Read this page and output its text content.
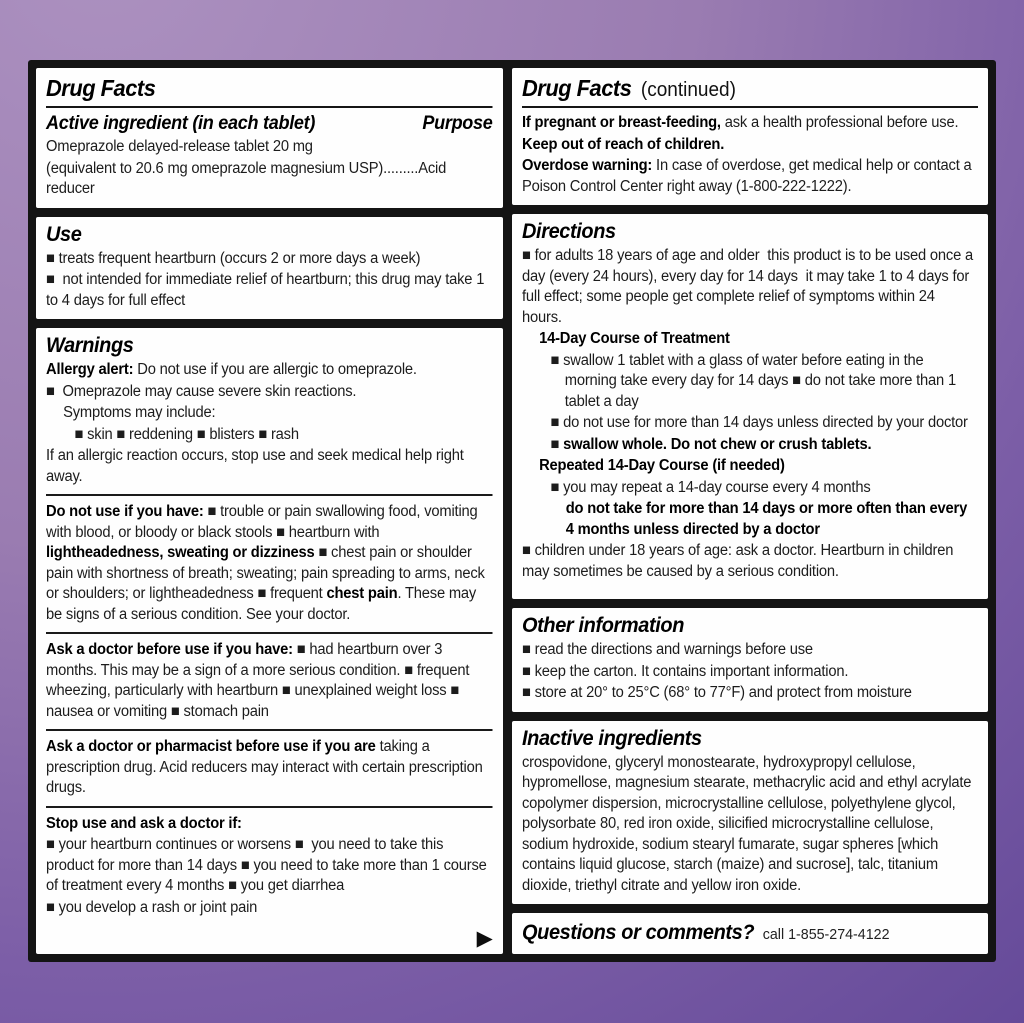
Drug Facts
Active ingredient (in each tablet)	Purpose
Omeprazole delayed-release tablet 20 mg
(equivalent to 20.6 mg omeprazole magnesium USP).........Acid reducer
Use
■ treats frequent heartburn (occurs 2 or more days a week)
■  not intended for immediate relief of heartburn; this drug may take 1 to 4 days for full effect
Warnings
Allergy alert: Do not use if you are allergic to omeprazole.
■  Omeprazole may cause severe skin reactions.
Symptoms may include:
■ skin ■ reddening ■ blisters ■ rash
If an allergic reaction occurs, stop use and seek medical help right away.
Do not use if you have: ■ trouble or pain swallowing food, vomiting with blood, or bloody or black stools ■ heartburn with lightheadedness, sweating or dizziness ■ chest pain or shoulder pain with shortness of breath; sweating; pain spreading to arms, neck or shoulders; or lightheadedness ■ frequent chest pain. These may be signs of a serious condition. See your doctor.
Ask a doctor before use if you have: ■ had heartburn over 3 months. This may be a sign of a more serious condition. ■ frequent wheezing, particularly with heartburn ■ unexplained weight loss ■ nausea or vomiting ■ stomach pain
Ask a doctor or pharmacist before use if you are taking a prescription drug. Acid reducers may interact with certain prescription drugs.
Stop use and ask a doctor if:
■ your heartburn continues or worsens ■  you need to take this product for more than 14 days ■ you need to take more than 1 course of treatment every 4 months ■ you get diarrhea
■ you develop a rash or joint pain
▶
Drug Facts (continued)
If pregnant or breast-feeding, ask a health professional before use.
Keep out of reach of children.
Overdose warning: In case of overdose, get medical help or contact a Poison Control Center right away (1-800-222-1222).
Directions
■ for adults 18 years of age and older  this product is to be used once a day (every 24 hours), every day for 14 days  it may take 1 to 4 days for full effect; some people get complete relief of symptoms within 24 hours.
14-Day Course of Treatment
■ swallow 1 tablet with a glass of water before eating in the morning take every day for 14 days ■ do not take more than 1 tablet a day
■ do not use for more than 14 days unless directed by your doctor
■ swallow whole. Do not chew or crush tablets.
Repeated 14-Day Course (if needed)
■ you may repeat a 14-day course every 4 months
do not take for more than 14 days or more often than every 4 months unless directed by a doctor
■ children under 18 years of age: ask a doctor. Heartburn in children may sometimes be caused by a serious condition.
Other information
■ read the directions and warnings before use
■ keep the carton. It contains important information.
■ store at 20° to 25°C (68° to 77°F) and protect from moisture
Inactive ingredients
crospovidone, glyceryl monostearate, hydroxypropyl cellulose, hypromellose, magnesium stearate, methacrylic acid and ethyl acrylate copolymer dispersion, microcrystalline cellulose, polyethylene glycol, polysorbate 80, red iron oxide, silicified microcrystalline cellulose, sodium hydroxide, sodium stearyl fumarate, sugar spheres [which contains liquid glucose, starch (maize) and sucrose], talc, titanium dioxide, triethyl citrate and yellow iron oxide.
Questions or comments? call 1-855-274-4122
